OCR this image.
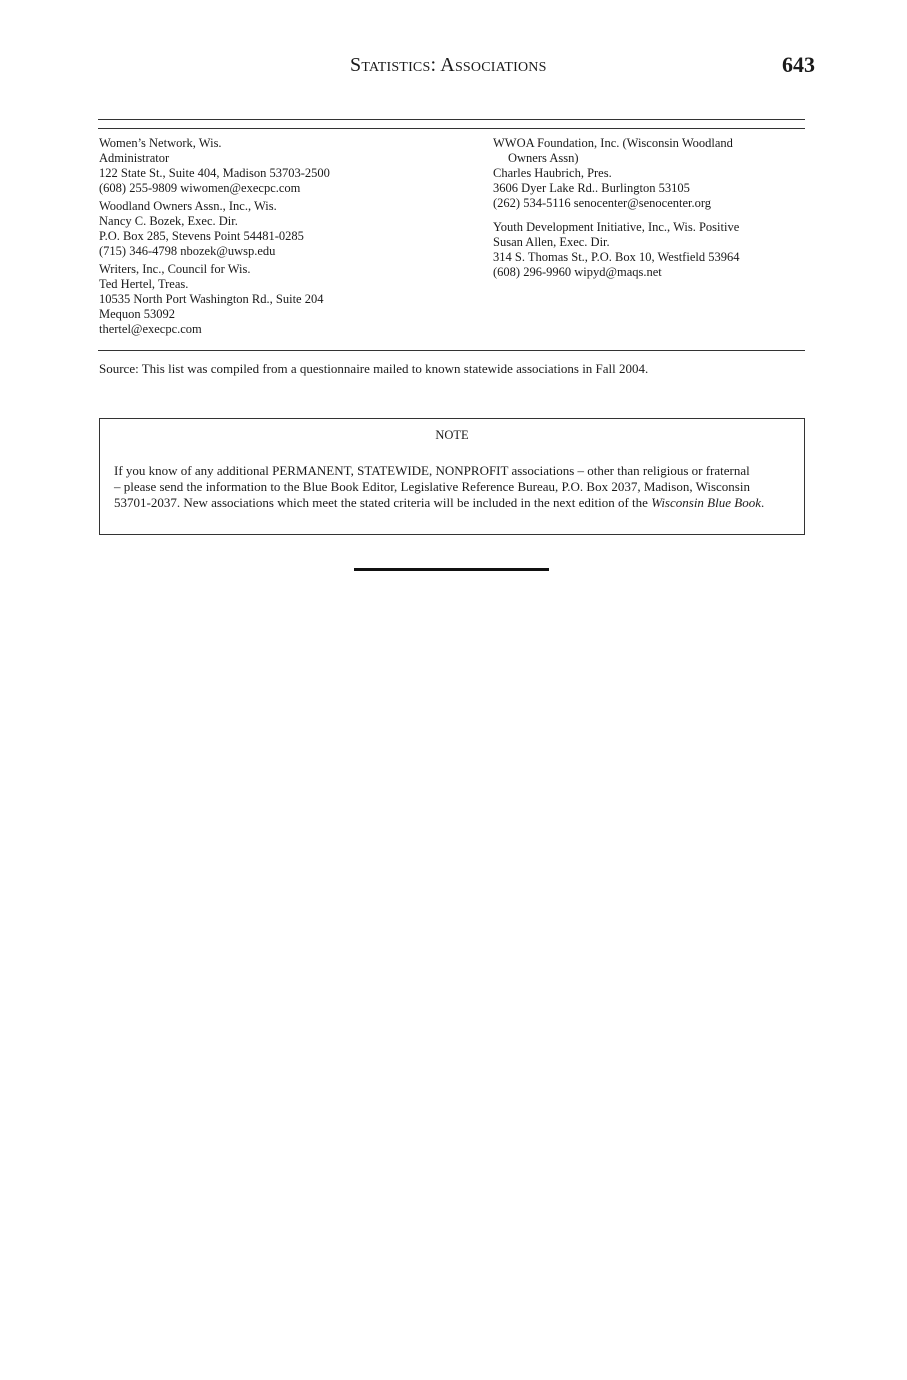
Statistics: Associations	643
Women’s Network, Wis.
Administrator
122 State St., Suite 404, Madison 53703-2500
(608) 255-9809 wiwomen@execpc.com
Woodland Owners Assn., Inc., Wis.
Nancy C. Bozek, Exec. Dir.
P.O. Box 285, Stevens Point 54481-0285
(715) 346-4798 nbozek@uwsp.edu
Writers, Inc., Council for Wis.
Ted Hertel, Treas.
10535 North Port Washington Rd., Suite 204
Mequon 53092
thertel@execpc.com
WWOA Foundation, Inc. (Wisconsin Woodland
Owners Assn)
Charles Haubrich, Pres.
3606 Dyer Lake Rd.. Burlington 53105
(262) 534-5116 senocenter@senocenter.org
Youth Development Initiative, Inc., Wis. Positive
Susan Allen, Exec. Dir.
314 S. Thomas St., P.O. Box 10, Westfield 53964
(608) 296-9960 wipyd@maqs.net
Source: This list was compiled from a questionnaire mailed to known statewide associations in Fall 2004.
NOTE
If you know of any additional PERMANENT, STATEWIDE, NONPROFIT associations – other than religious or fraternal
– please send the information to the Blue Book Editor, Legislative Reference Bureau, P.O. Box 2037, Madison, Wisconsin
53701-2037. New associations which meet the stated criteria will be included in the next edition of the Wisconsin Blue Book.
